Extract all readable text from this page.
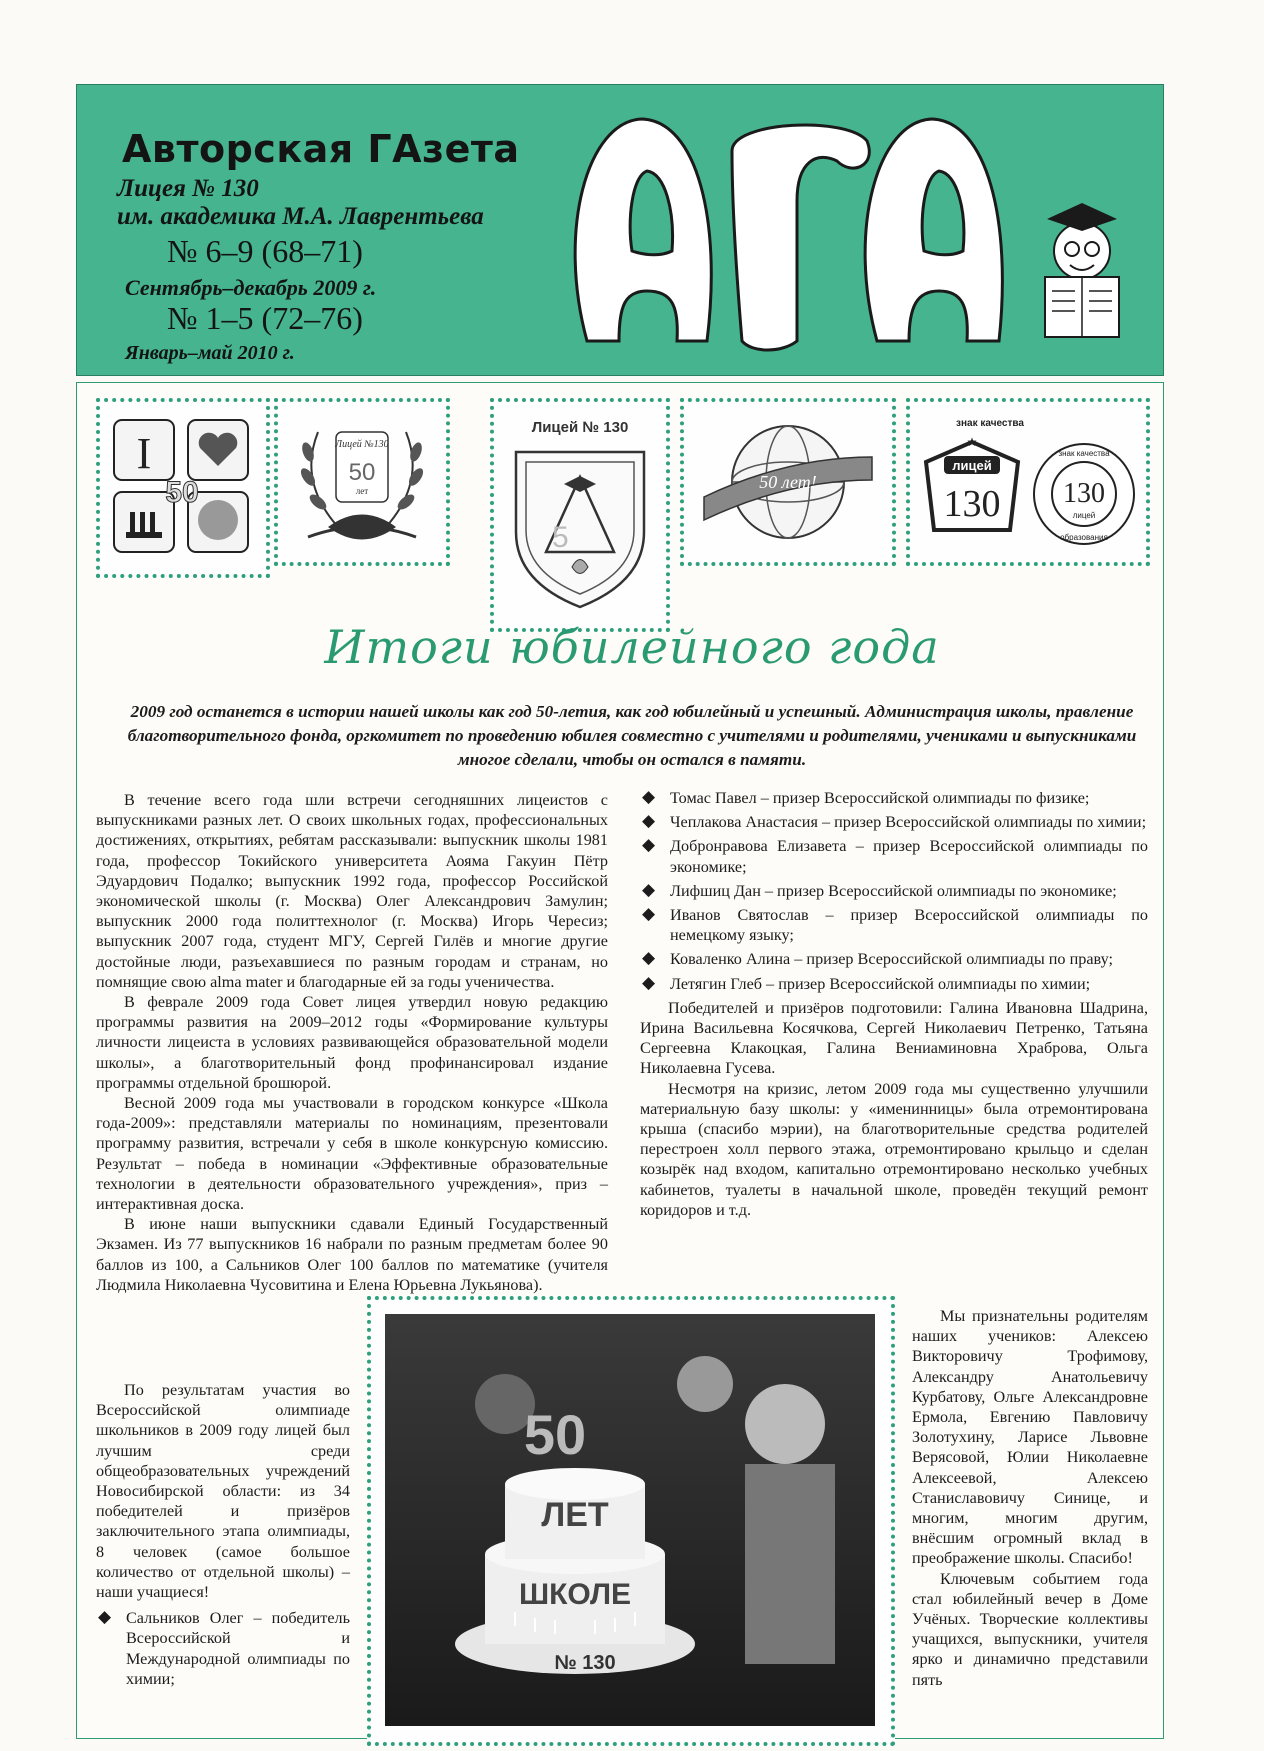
Авторская ГАзета
Лицея № 130
им. академика М.А. Лаврентьева
№ 6–9 (68–71)
Сентябрь–декабрь 2009 г.
№ 1–5 (72–76)
Январь–май 2010 г.
I
50
Лицей №130
50
лет
Лицей № 130
5
50 лет!
знак качества
★
лицей
130 130
лицей
знак качества
образования
Итоги юбилейного года
2009 год останется в истории нашей школы как год 50-летия, как год юбилейный и успешный. Администрация школы, правление благотворительного фонда, оргкомитет по проведению юбилея совместно с учителями и родителями, учениками и выпускниками многое сделали, чтобы он остался в памяти.

В течение всего года шли встречи сегодняшних лицеистов с выпускниками разных лет. О своих школьных годах, профессиональных достижениях, открытиях, ребятам рассказывали: выпускник школы 1981 года, профессор Токийского университета Аояма Гакуин Пётр Эдуардович Подалко; выпускник 1992 года, профессор Российской экономической школы (г. Москва) Олег Александрович Замулин; выпускник 2000 года политтехнолог (г. Москва) Игорь Чересиз; выпускник 2007 года, студент МГУ, Сергей Гилёв и многие другие достойные люди, разъехавшиеся по разным городам и странам, но помнящие свою alma mater и благодарные ей за годы ученичества.

В феврале 2009 года Совет лицея утвердил новую редакцию программы развития на 2009–2012 годы «Формирование культуры личности лицеиста в условиях развивающейся образовательной модели школы», а благотворительный фонд профинансировал издание программы отдельной брошюрой.

Весной 2009 года мы участвовали в городском конкурсе «Школа года-2009»: представляли материалы по номинациям, презентовали программу развития, встречали у себя в школе конкурсную комиссию. Результат – победа в номинации «Эффективные образовательные технологии в деятельности образовательного учреждения», приз – интерактивная доска.

В июне наши выпускники сдавали Единый Государственный Экзамен. Из 77 выпускников 16 набрали по разным предметам более 90 баллов из 100, а Сальников Олег 100 баллов по математике (учителя Людмила Николаевна Чусовитина и Елена Юрьевна Лукьянова).

По результатам участия во Всероссийской олимпиаде школьников в 2009 году лицей был лучшим среди общеобразовательных учреждений Новосибирской области: из 34 победителей и призёров заключительного этапа олимпиады, 8 человек (самое большое количество от отдельной школы) – наши учащиеся!

◆ Сальников Олег – победитель Всероссийской и Международной олимпиады по химии;
◆ Томас Павел – призер Всероссийской олимпиады по физике;
◆ Чеплакова Анастасия – призер Всероссийской олимпиады по химии;
◆ Добронравова Елизавета – призер Всероссийской олимпиады по экономике;
◆ Лифшиц Дан – призер Всероссийской олимпиады по экономике;
◆ Иванов Святослав – призер Всероссийской олимпиады по немецкому языку;
◆ Коваленко Алина – призер Всероссийской олимпиады по праву;
◆ Летягин Глеб – призер Всероссийской олимпиады по химии;

Победителей и призёров подготовили: Галина Ивановна Шадрина, Ирина Васильевна Косячкова, Сергей Николаевич Петренко, Татьяна Сергеевна Клакоцкая, Галина Вениаминовна Храброва, Ольга Николаевна Гусева.

Несмотря на кризис, летом 2009 года мы существенно улучшили материальную базу школы: у «именинницы» была отремонтирована крыша (спасибо мэрии), на благотворительные средства родителей перестроен холл первого этажа, отремонтировано крыльцо и сделан козырёк над входом, капитально отремонтировано несколько учебных кабинетов, туалеты в начальной школе, проведён текущий ремонт коридоров и т.д.

Мы признательны родителям наших учеников: Алексею Викторовичу Трофимову, Александру Анатольевичу Курбатову, Ольге Александровне Ермола, Евгению Павловичу Золотухину, Ларисе Львовне Верясовой, Юлии Николаевне Алексеевой, Алексею Станиславовичу Синице, и многим, многим другим, внёсшим огромный вклад в преображение школы. Спасибо!

Ключевым событием года стал юбилейный вечер в Доме Учёных. Творческие коллективы учащихся, выпускники, учителя ярко и динамично представили пять

ЛЕТ
ШКОЛЕ
50
№ 130
